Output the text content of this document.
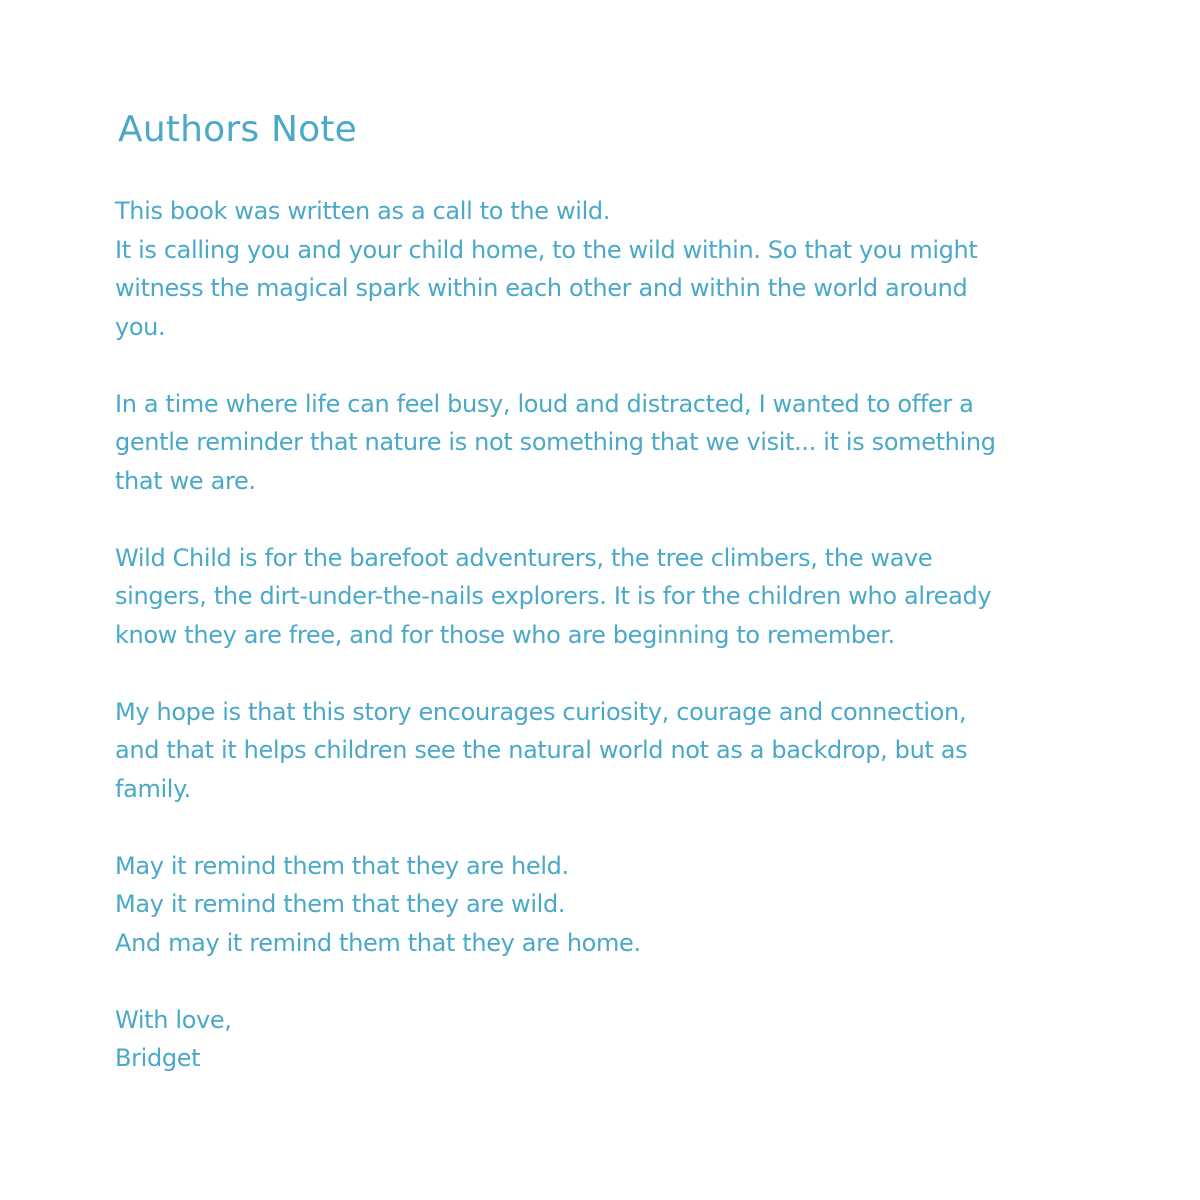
Authors Note
This book was written as a call to the wild.
It is calling you and your child home, to the wild within. So that you might
witness the magical spark within each other and within the world around
you.
In a time where life can feel busy, loud and distracted, I wanted to offer a
gentle reminder that nature is not something that we visit... it is something
that we are.
Wild Child is for the barefoot adventurers, the tree climbers, the wave
singers, the dirt-under-the-nails explorers. It is for the children who already
know they are free, and for those who are beginning to remember.
My hope is that this story encourages curiosity, courage and connection,
and that it helps children see the natural world not as a backdrop, but as
family.
May it remind them that they are held.
May it remind them that they are wild.
And may it remind them that they are home.
With love,
Bridget
